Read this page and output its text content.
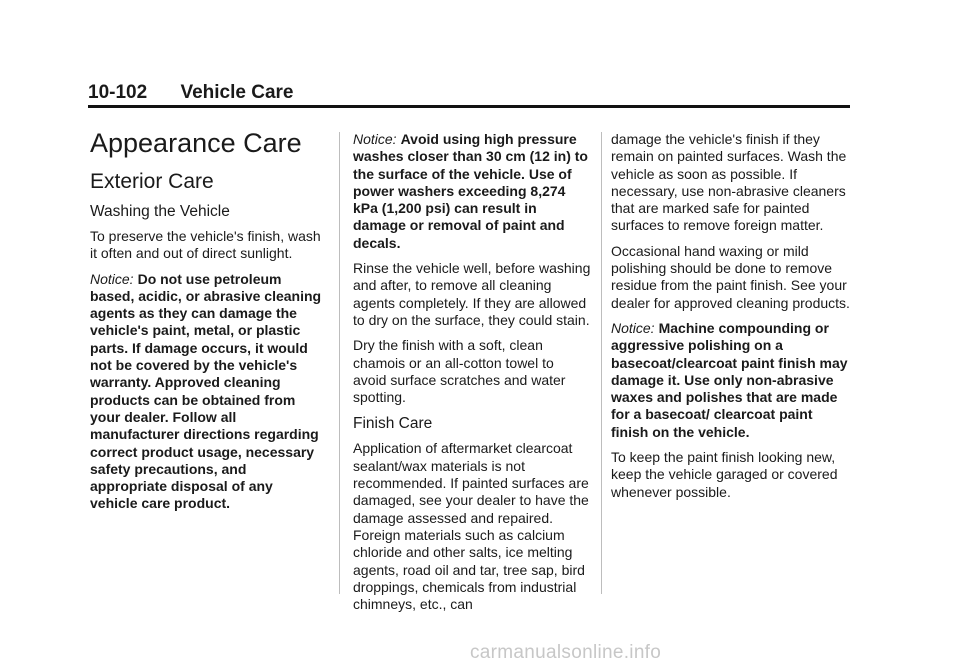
10-102 Vehicle Care
Appearance Care
Exterior Care
Washing the Vehicle

To preserve the vehicle's finish, wash it often and out of direct sunlight.

Notice: Do not use petroleum based, acidic, or abrasive cleaning agents as they can damage the vehicle's paint, metal, or plastic parts. If damage occurs, it would not be covered by the vehicle's warranty. Approved cleaning products can be obtained from your dealer. Follow all manufacturer directions regarding correct product usage, necessary safety precautions, and appropriate disposal of any vehicle care product.

Notice: Avoid using high pressure washes closer than 30 cm (12 in) to the surface of the vehicle. Use of power washers exceeding 8,274 kPa (1,200 psi) can result in damage or removal of paint and decals.

Rinse the vehicle well, before washing and after, to remove all cleaning agents completely. If they are allowed to dry on the surface, they could stain.

Dry the finish with a soft, clean chamois or an all-cotton towel to avoid surface scratches and water spotting.

Finish Care

Application of aftermarket clearcoat sealant/wax materials is not recommended. If painted surfaces are damaged, see your dealer to have the damage assessed and repaired. Foreign materials such as calcium chloride and other salts, ice melting agents, road oil and tar, tree sap, bird droppings, chemicals from industrial chimneys, etc., can

damage the vehicle's finish if they remain on painted surfaces. Wash the vehicle as soon as possible. If necessary, use non-abrasive cleaners that are marked safe for painted surfaces to remove foreign matter.

Occasional hand waxing or mild polishing should be done to remove residue from the paint finish. See your dealer for approved cleaning products.

Notice: Machine compounding or aggressive polishing on a basecoat/clearcoat paint finish may damage it. Use only non-abrasive waxes and polishes that are made for a basecoat/ clearcoat paint finish on the vehicle.

To keep the paint finish looking new, keep the vehicle garaged or covered whenever possible.

carmanualsonline.info
